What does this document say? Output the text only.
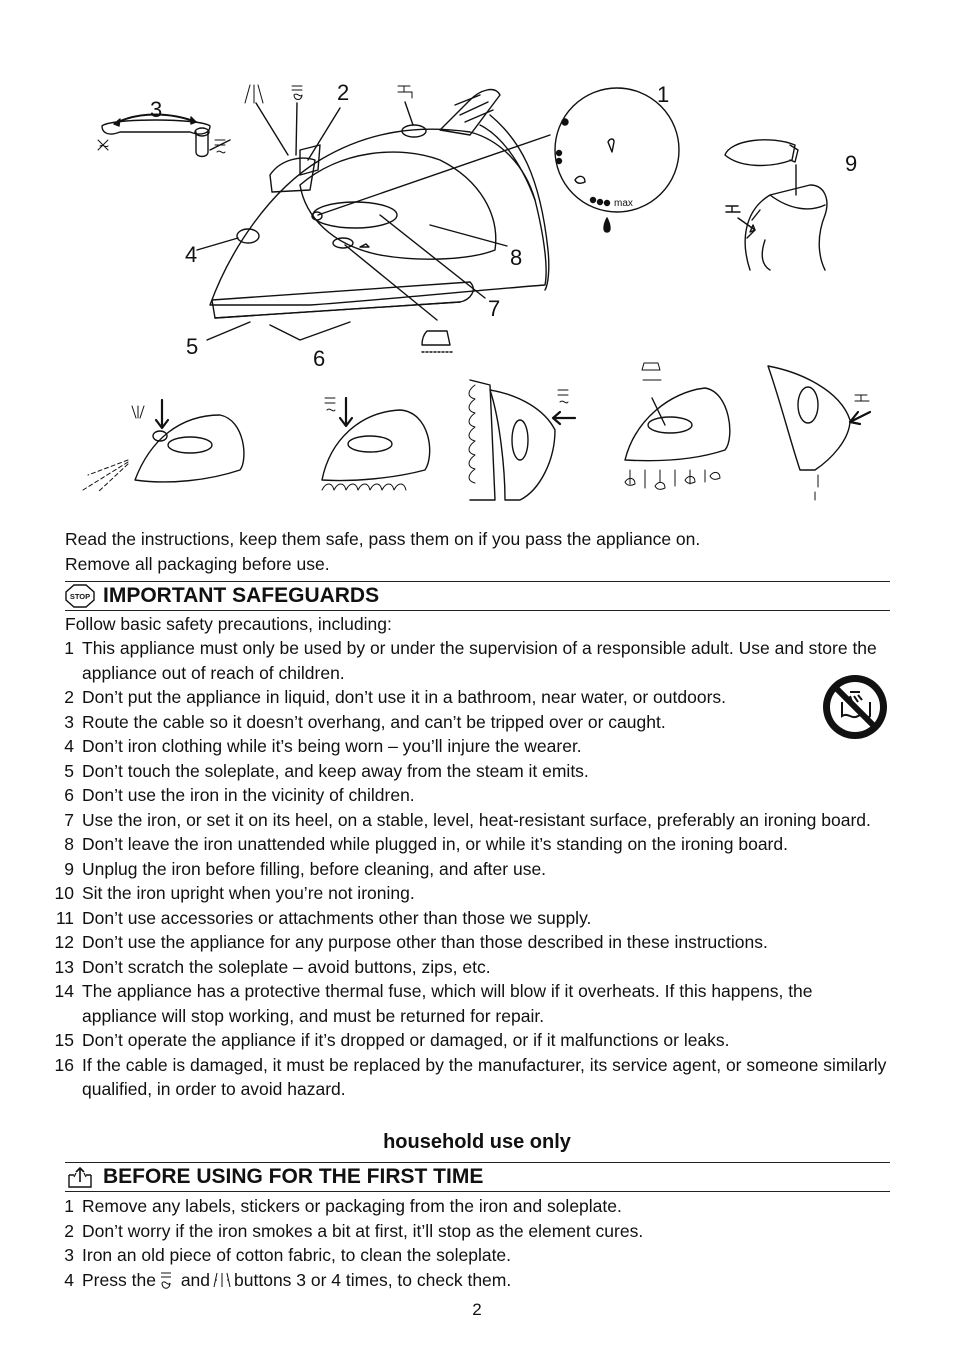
max
3
2	1
9
4	8
7
5	6
Read the instructions, keep them safe, pass them on if you pass the appliance on.
Remove all packaging before use.
STOP IMPORTANT SAFEGUARDS
Follow basic safety precautions, including:
1 This appliance must only be used by or under the supervision of a responsible adult. Use and store the appliance out of reach of children.
2 Don’t put the appliance in liquid, don’t use it in a bathroom, near water, or outdoors.
3 Route the cable so it doesn’t overhang, and can’t be tripped over or caught.
4 Don’t iron clothing while it’s being worn – you’ll injure the wearer.
5 Don’t touch the soleplate, and keep away from the steam it emits.
6 Don’t use the iron in the vicinity of children.
7 Use the iron, or set it on its heel, on a stable, level, heat-resistant surface, preferably an ironing board.
8 Don’t leave the iron unattended while plugged in, or while it’s standing on the ironing board.
9 Unplug the iron before filling, before cleaning, and after use.
10 Sit the iron upright when you’re not ironing.
11 Don’t use accessories or attachments other than those we supply.
12 Don’t use the appliance for any purpose other than those described in these instructions.
13 Don’t scratch the soleplate – avoid buttons, zips, etc.
14 The appliance has a protective thermal fuse, which will blow if it overheats. If this happens, the appliance will stop working, and must be returned for repair.
15 Don’t operate the appliance if it’s dropped or damaged, or if it malfunctions or leaks.
16 If the cable is damaged, it must be replaced by the manufacturer, its service agent, or someone similarly qualified, in order to avoid hazard.
household use only
BEFORE USING FOR THE FIRST TIME
1 Remove any labels, stickers or packaging from the iron and soleplate.
2 Don’t worry if the iron smokes a bit at first, it’ll stop as the element cures.
3 Iron an old piece of cotton fabric, to clean the soleplate.
4 Press the and buttons 3 or 4 times, to check them.
2
